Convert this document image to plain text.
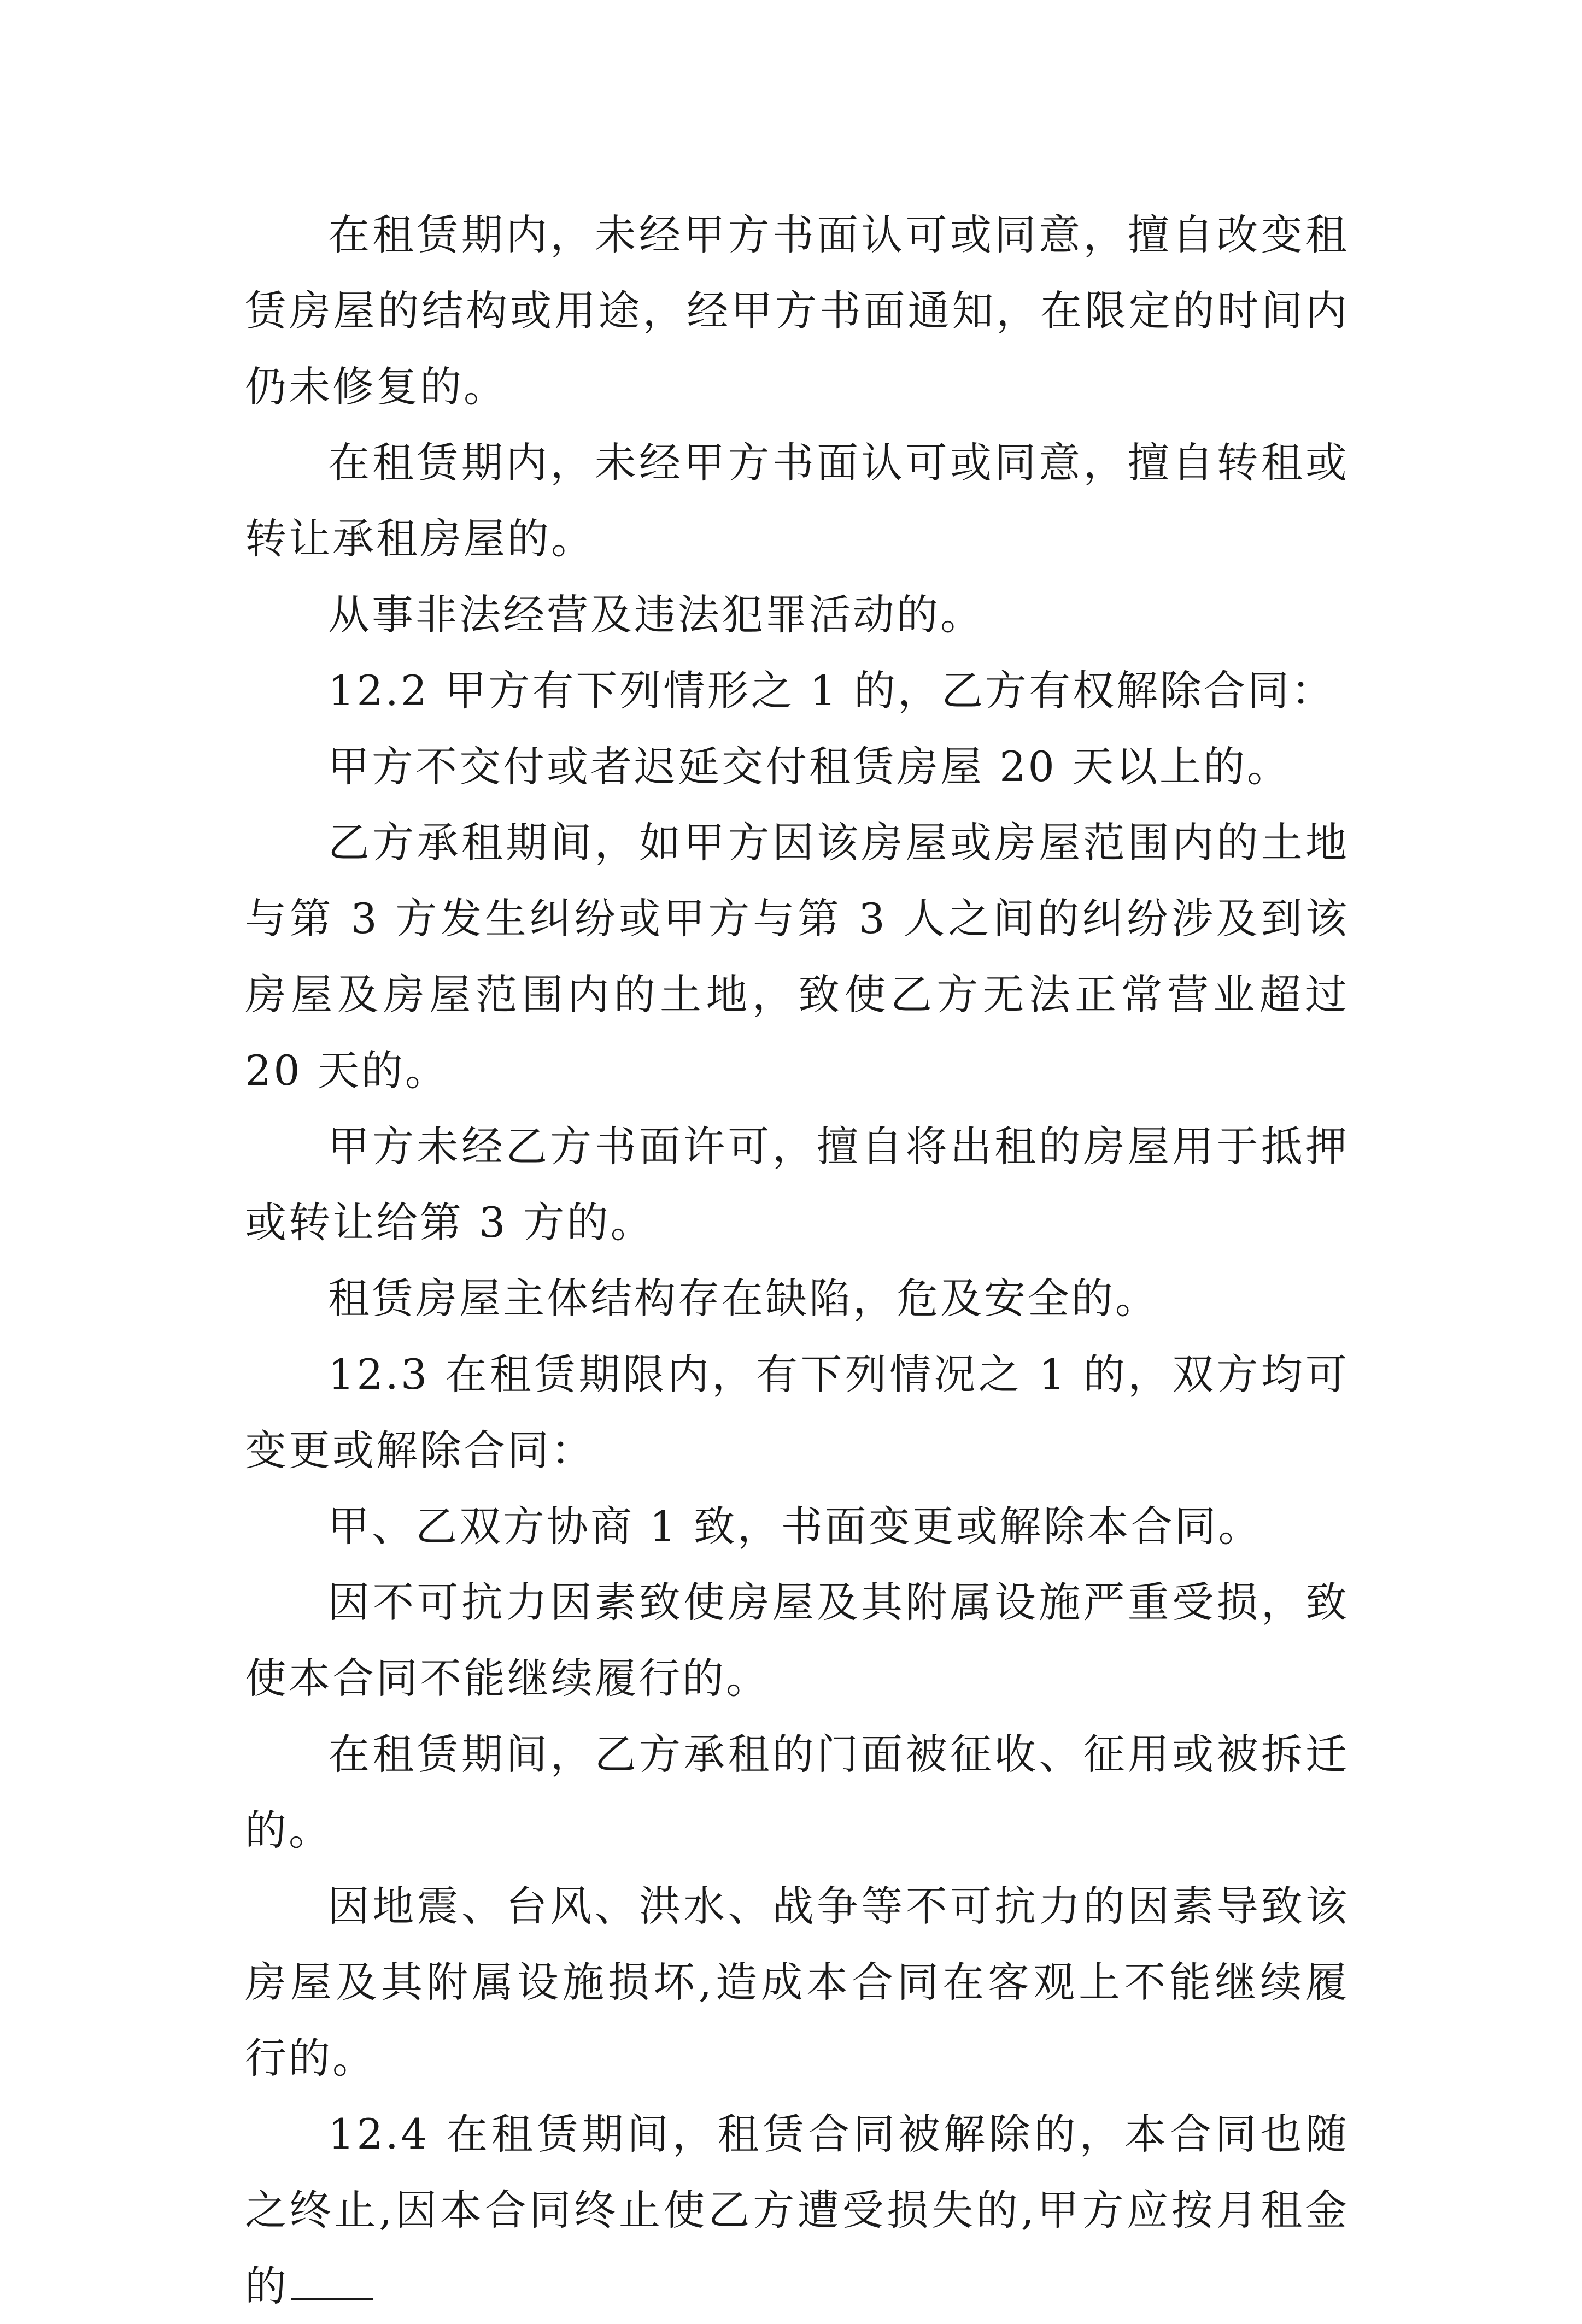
在租赁期内，未经甲方书面认可或同意，擅自改变租赁房屋的结构或用途，经甲方书面通知，在限定的时间内仍未修复的。

在租赁期内，未经甲方书面认可或同意，擅自转租或转让承租房屋的。

从事非法经营及违法犯罪活动的。

12.2 甲方有下列情形之 1 的，乙方有权解除合同：

甲方不交付或者迟延交付租赁房屋 20 天以上的。

乙方承租期间，如甲方因该房屋或房屋范围内的土地与第 3 方发生纠纷或甲方与第 3 人之间的纠纷涉及到该房屋及房屋范围内的土地，致使乙方无法正常营业超过 20 天的。

甲方未经乙方书面许可，擅自将出租的房屋用于抵押或转让给第 3 方的。

租赁房屋主体结构存在缺陷，危及安全的。

12.3 在租赁期限内，有下列情况之 1 的，双方均可变更或解除合同：

甲、乙双方协商 1 致，书面变更或解除本合同。

因不可抗力因素致使房屋及其附属设施严重受损，致使本合同不能继续履行的。

在租赁期间，乙方承租的门面被征收、征用或被拆迁的。

因地震、台风、洪水、战争等不可抗力的因素导致该房屋及其附属设施损坏,造成本合同在客观上不能继续履行的。

12.4 在租赁期间，租赁合同被解除的，本合同也随之终止,因本合同终止使乙方遭受损失的,甲方应按月租金的
